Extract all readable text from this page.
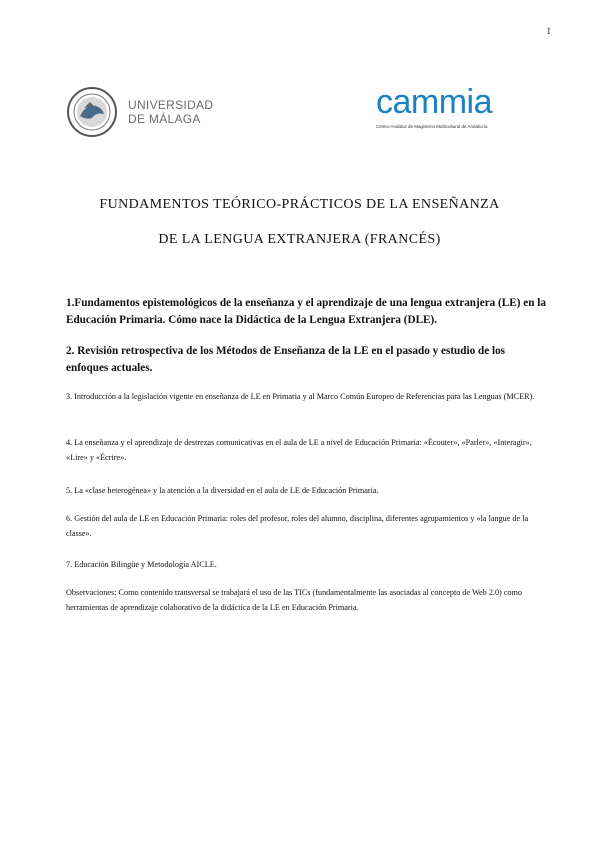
1
UNIVERSIDAD
DE MÁLAGA	cammia
Centro Andaluz de Magisterio Multicultural de Andalucía
FUNDAMENTOS TEÓRICO-PRÁCTICOS DE LA ENSEÑANZA
DE LA LENGUA EXTRANJERA (FRANCÉS)
1.Fundamentos epistemológicos de la enseñanza y el aprendizaje de una lengua extranjera (LE) en la Educación Primaria. Cómo nace la Didáctica de la Lengua Extranjera (DLE).
2. Revisión retrospectiva de los Métodos de Enseñanza de la LE en el pasado y estudio de los enfoques actuales.
3. Introducción a la legislación vigente en enseñanza de LE en Primaria y al Marco Común Europeo de Referencias para las Lenguas (MCER).
4. La enseñanza y el aprendizaje de destrezas comunicativas en el aula de LE a nivel de Educación Primaria: «Écouter», «Parler», «Interagir», «Lire» y «Écrire».
5. La «clase heterogénea» y la atención a la diversidad en el aula de LE de Educación Primaria.
6. Gestión del aula de LE en Educación Primaria: roles del profesor, roles del alumno, disciplina, diferentes agrupamientos y «la langue de la classe».
7. Educación Bilingüe y Metodología AICLE.
Observaciones: Como contenido transversal se trabajará el uso de las TICs (fundamentalmente las asociadas al concepto de Web 2.0) como herramientas de aprendizaje colaborativo de la didáctica de la LE en Educación Primaria.
